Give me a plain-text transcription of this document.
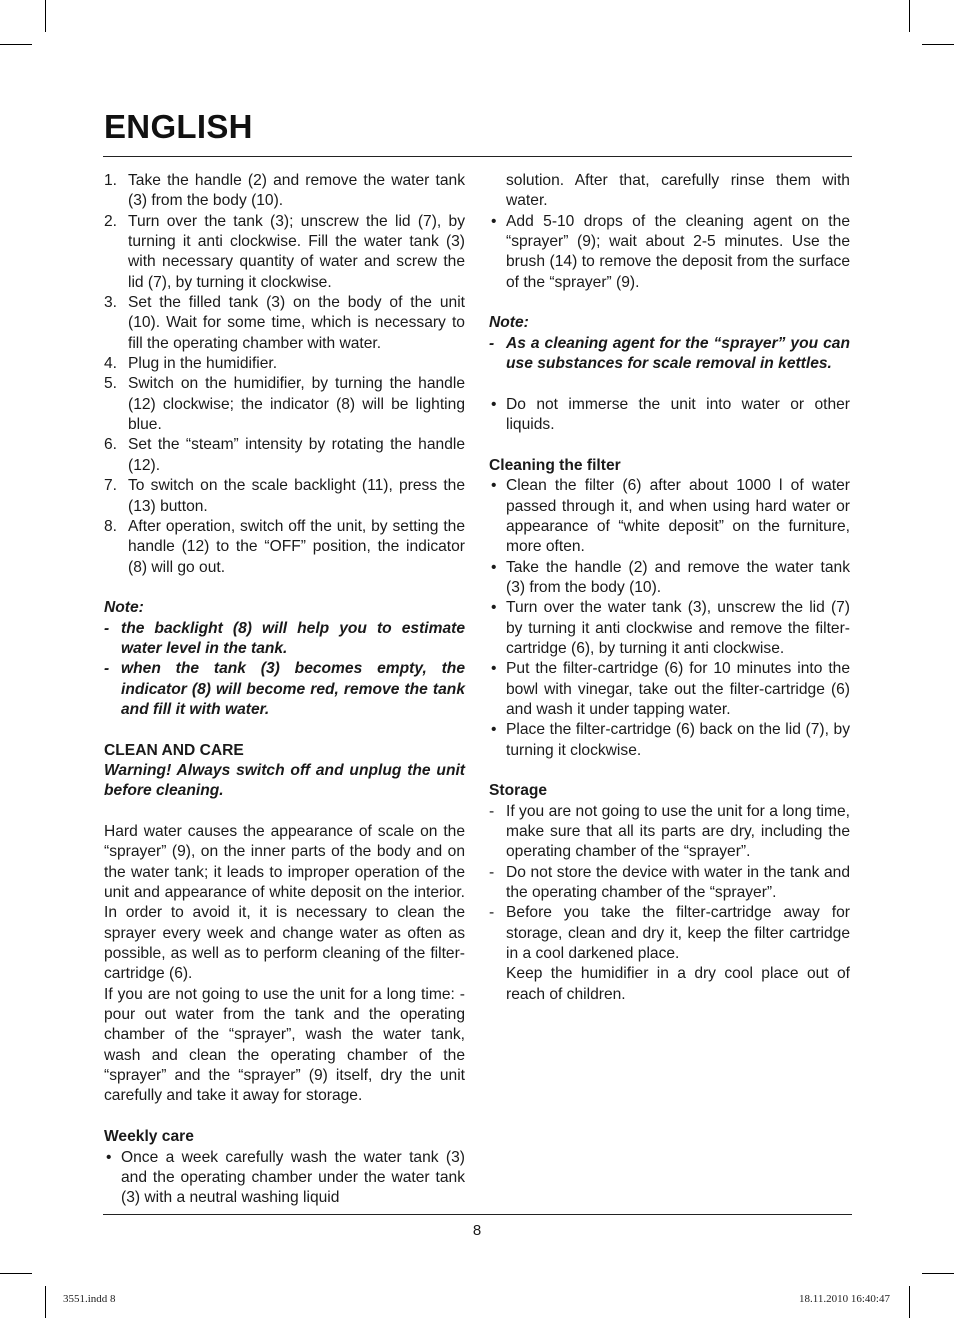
ENGLISH
1. Take the handle (2) and remove the water tank (3) from the body (10).
2. Turn over the tank (3); unscrew the lid (7), by turning it anti clockwise. Fill the water tank (3) with necessary quantity of water and screw the lid (7), by turning it clockwise.
3. Set the filled tank (3) on the body of the unit (10). Wait for some time, which is necessary to fill the operating chamber with water.
4. Plug in the humidifier.
5. Switch on the humidifier, by turning the handle (12) clockwise; the indicator (8) will be lighting blue.
6. Set the “steam” intensity by rotating the handle (12).
7. To switch on the scale backlight (11), press the (13) button.
8. After operation, switch off the unit, by setting the handle (12) to the “OFF” position, the indicator (8) will go out.

Note:

- the backlight (8) will help you to estimate water level in the tank.
- when the tank (3) becomes empty, the indicator (8) will become red, remove the tank and fill it with water.

CLEAN AND CARE

Warning! Always switch off and unplug the unit before cleaning.

Hard water causes the appearance of scale on the “sprayer” (9), on the inner parts of the body and on the water tank; it leads to improper operation of the unit and appearance of white deposit on the interior. In order to avoid it, it is necessary to clean the sprayer every week and change water as often as possible, as well as to perform cleaning of the filter-cartridge (6).

If you are not going to use the unit for a long time: - pour out water from the tank and the operating chamber of the “sprayer”, wash the water tank, wash and clean the operating chamber of the “sprayer” and the “sprayer” (9) itself, dry the unit carefully and take it away for storage.

Weekly care

• Once a week carefully wash the water tank (3) and the operating chamber under the water tank (3) with a neutral washing liquid

solution. After that, carefully rinse them with water.

• Add 5-10 drops of the cleaning agent on the “sprayer” (9); wait about 2-5 minutes. Use the brush (14) to remove the deposit from the surface of the “sprayer” (9).

Note:

- As a cleaning agent for the “sprayer” you can use substances for scale removal in kettles.
• Do not immerse the unit into water or other liquids.

Cleaning the filter

• Clean the filter (6) after about 1000 l of water passed through it, and when using hard water or appearance of “white deposit” on the furniture, more often.
• Take the handle (2) and remove the water tank (3) from the body (10).
• Turn over the water tank (3), unscrew the lid (7) by turning it anti clockwise and remove the filter-cartridge (6), by turning it anti clockwise.
• Put the filter-cartridge (6) for 10 minutes into the bowl with vinegar, take out the filter-cartridge (6) and wash it under tapping water.
• Place the filter-cartridge (6) back on the lid (7), by turning it clockwise.

Storage

- If you are not going to use the unit for a long time, make sure that all its parts are dry, including the operating chamber of the “sprayer”.
- Do not store the device with water in the tank and the operating chamber of the “sprayer”.
- Before you take the filter-cartridge away for storage, clean and dry it, keep the filter cartridge in a cool darkened place.

Keep the humidifier in a dry cool place out of reach of children.

8
3551.indd 8	18.11.2010 16:40:47
